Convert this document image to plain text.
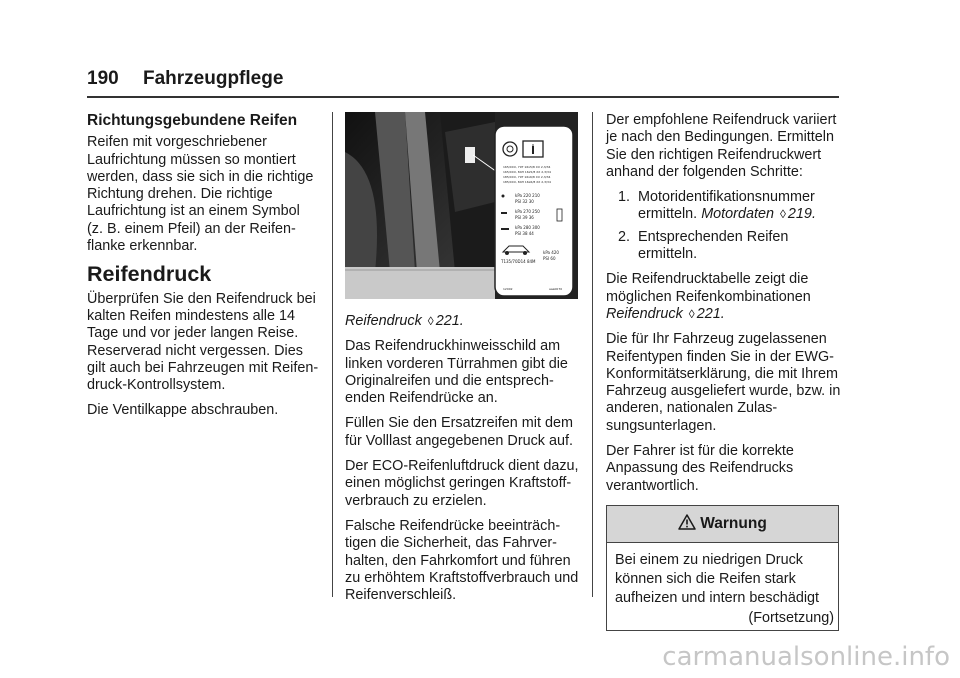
190 Fahrzeugpflege
Richtungsgebundene Reifen

Reifen mit vorgeschriebener Laufrichtung müssen so montiert werden, dass sie sich in die richtige Richtung drehen. Die richtige Laufrichtung ist an einem Symbol (z. B. einem Pfeil) an der Reifen-flanke erkennbar.

Reifendruck

Überprüfen Sie den Reifendruck bei kalten Reifen mindestens alle 14 Tage und vor jeder langen Reise. Reserverad nicht vergessen. Dies gilt auch bei Fahrzeugen mit Reifen-druck-Kontrollsystem.

Die Ventilkappe abschrauben.

165/XXX, 79T 16x5/8 XX 2,3/34
165/XXX, 84H 16x5/8 XX 2,3/34
185/XXX, 79T 16x6/8 XX 2,3/34
185/XXX, 84H 16x6/8 XX 2,3/34
kPa 220 210
PSI 32 30
kPa 270 250
PSI 39 36
kPa 280 300
PSI 38 44
T135/70D14 84M
kPa 420
PSI 60
12002	aaa0070

Reifendruck ◊ 221.

Das Reifendruckhinweisschild am linken vorderen Türrahmen gibt die Originalreifen und die entsprech-enden Reifendrücke an.

Füllen Sie den Ersatzreifen mit dem für Volllast angegebenen Druck auf.

Der ECO-Reifenluftdruck dient dazu, einen möglichst geringen Kraftstoff-verbrauch zu erzielen.

Falsche Reifendrücke beeinträch-tigen die Sicherheit, das Fahrver-halten, den Fahrkomfort und führen zu erhöhtem Kraftstoffverbrauch und Reifenverschleiß.

Der empfohlene Reifendruck variiert je nach den Bedingungen. Ermitteln Sie den richtigen Reifendruckwert anhand der folgenden Schritte:

1. Motoridentifikationsnummer ermitteln. Motordaten ◊ 219.
2. Entsprechenden Reifen ermitteln.

Die Reifendrucktabelle zeigt die möglichen Reifenkombinationen
Reifendruck ◊ 221.

Die für Ihr Fahrzeug zugelassenen Reifentypen finden Sie in der EWG-Konformitätserklärung, die mit Ihrem Fahrzeug ausgeliefert wurde, bzw. in anderen, nationalen Zulas-sungsunterlagen.

Der Fahrer ist für die korrekte Anpassung des Reifendrucks verantwortlich.

Warnung
Bei einem zu niedrigen Druck können sich die Reifen stark aufheizen und intern beschädigt
(Fortsetzung)
carmanualsonline.info
